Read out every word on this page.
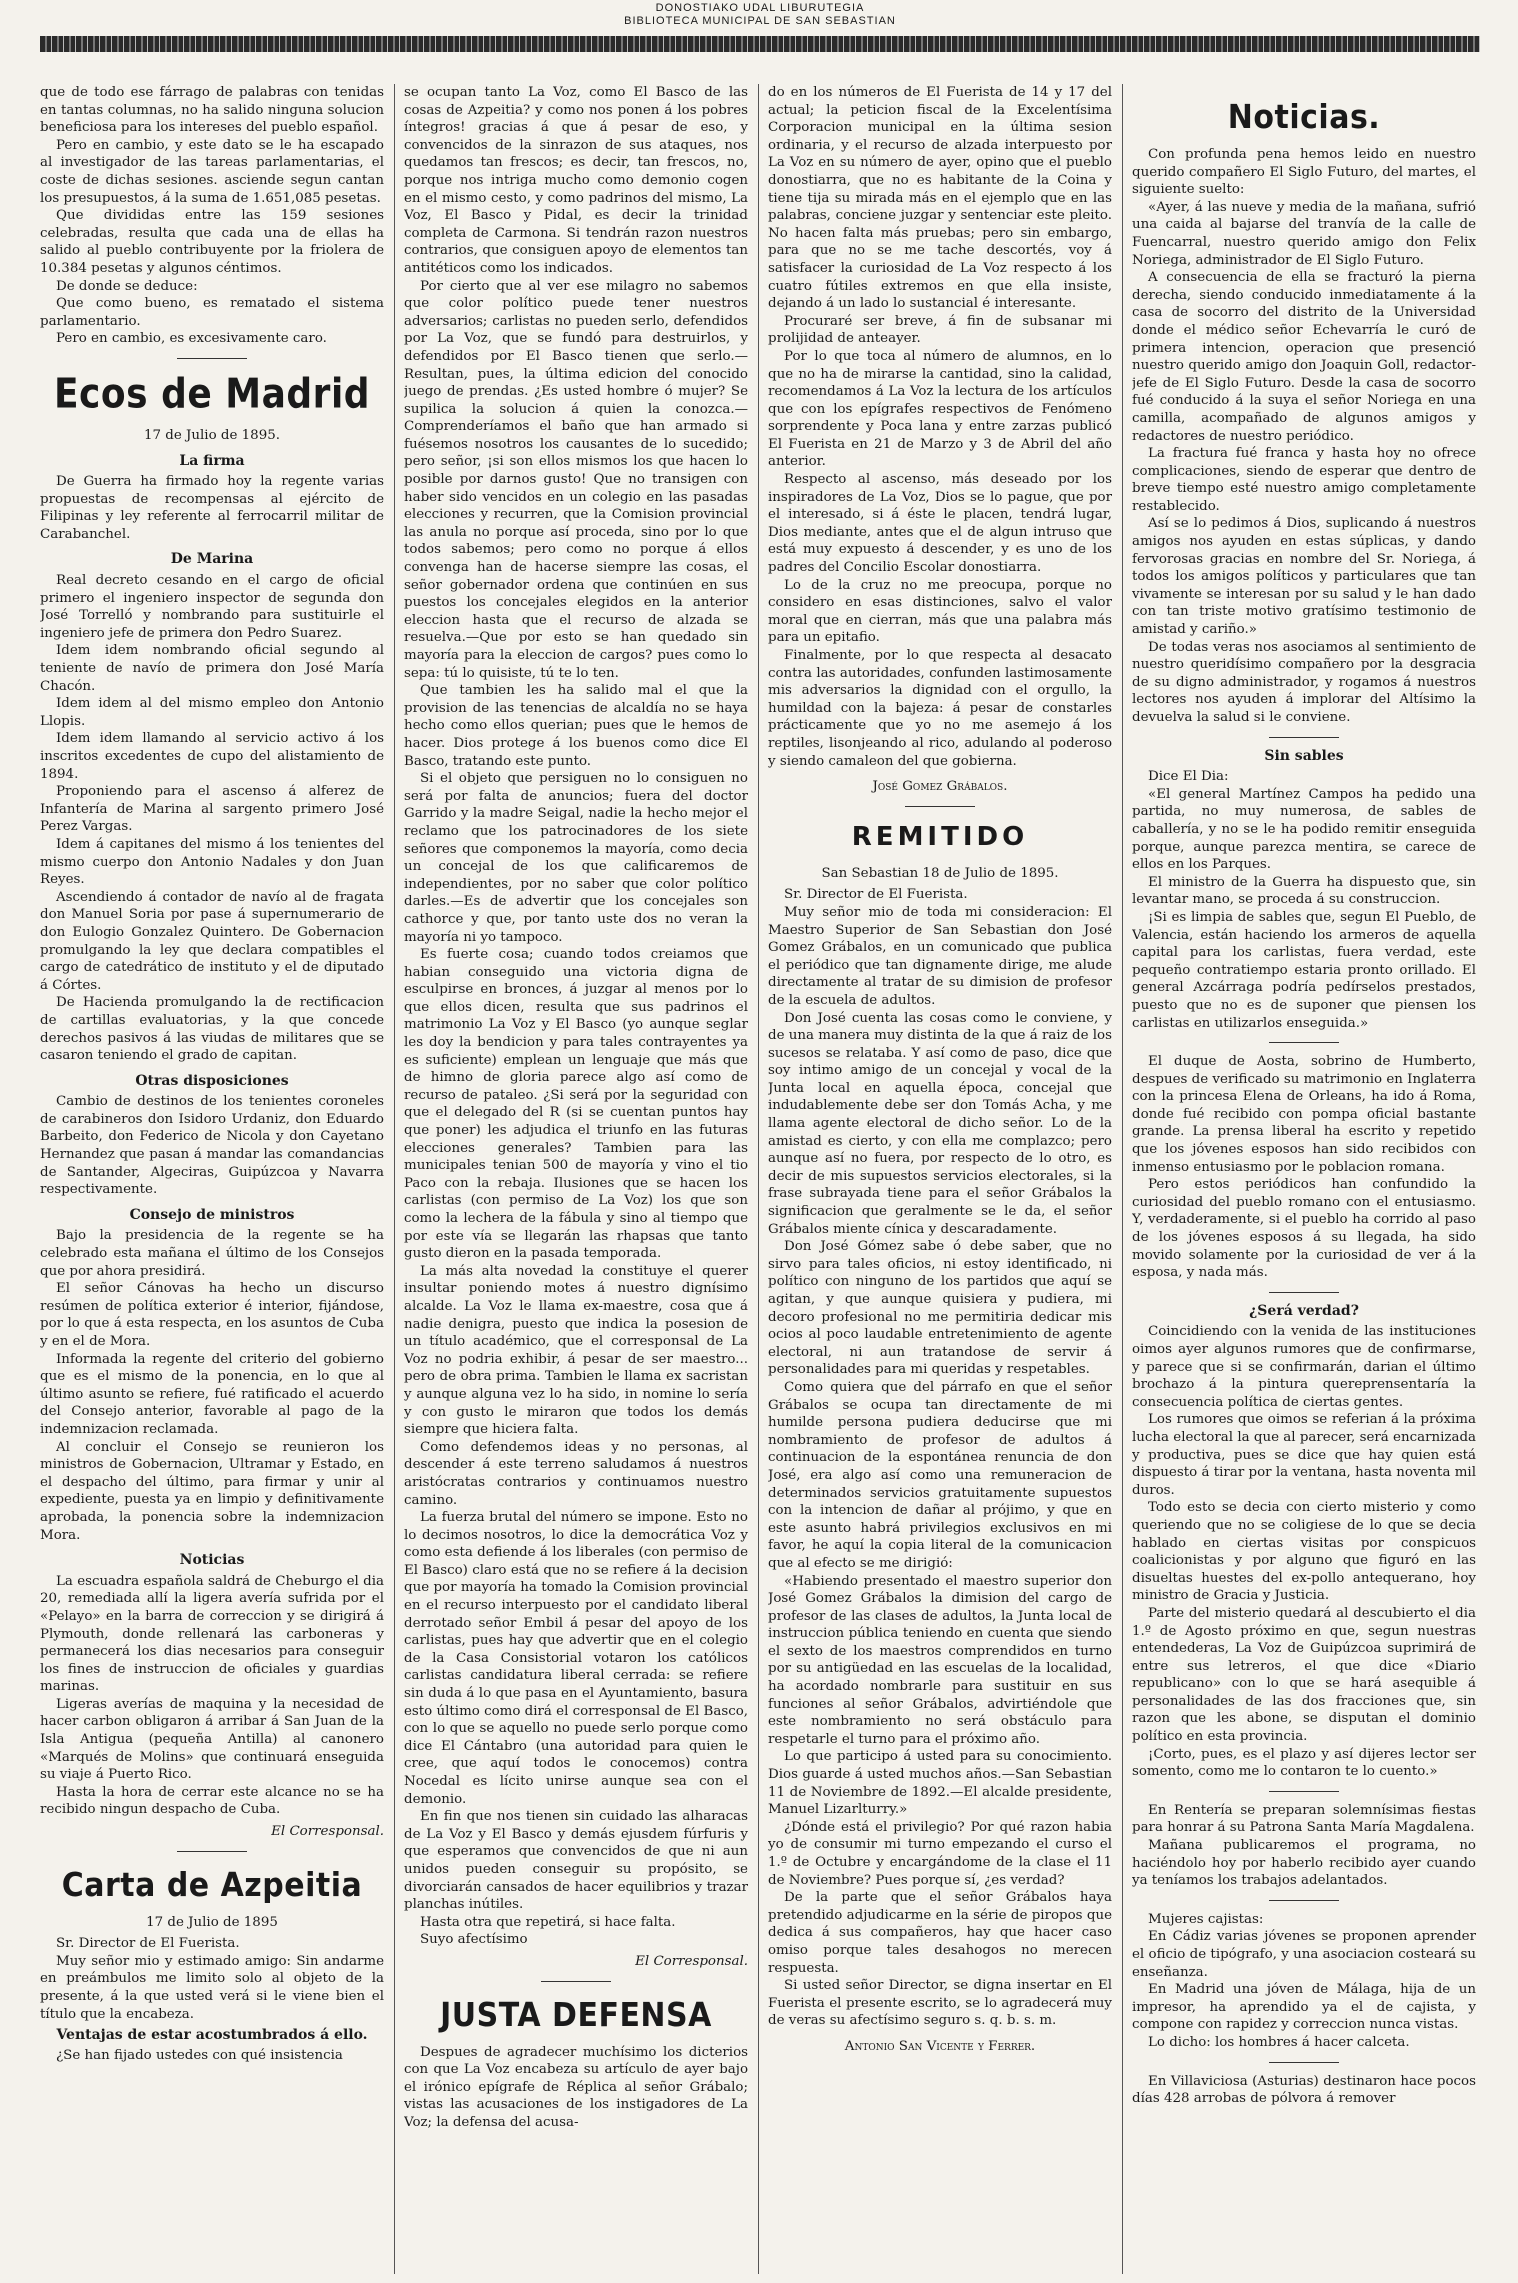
DONOSTIAKO UDAL LIBURUTEGIA
BIBLIOTECA MUNICIPAL DE SAN SEBASTIAN

que de todo ese fárrago de palabras con tenidas en tantas columnas, no ha salido ninguna solucion beneficiosa para los intereses del pueblo español.

Pero en cambio, y este dato se le ha escapado al investigador de las tareas parlamentarias, el coste de dichas sesiones. asciende segun cantan los presupuestos, á la suma de 1.651,085 pesetas.

Que divididas entre las 159 sesiones celebradas, resulta que cada una de ellas ha salido al pueblo contribuyente por la friolera de 10.384 pesetas y algunos céntimos.

De donde se deduce:

Que como bueno, es rematado el sistema parlamentario.

Pero en cambio, es excesivamente caro.

Ecos de Madrid
17 de Julio de 1895.
La firma

De Guerra ha firmado hoy la regente varias propuestas de recompensas al ejército de Filipinas y ley referente al ferrocarril militar de Carabanchel.

De Marina

Real decreto cesando en el cargo de oficial primero el ingeniero inspector de segunda don José Torrelló y nombrando para sustituirle el ingeniero jefe de primera don Pedro Suarez.

Idem idem nombrando oficial segundo al teniente de navío de primera don José María Chacón.

Idem idem al del mismo empleo don Antonio Llopis.

Idem idem llamando al servicio activo á los inscritos excedentes de cupo del alistamiento de 1894.

Proponiendo para el ascenso á alferez de Infantería de Marina al sargento primero José Perez Vargas.

Idem á capitanes del mismo á los tenientes del mismo cuerpo don Antonio Nadales y don Juan Reyes.

Ascendiendo á contador de navío al de fragata don Manuel Soria por pase á supernumerario de don Eulogio Gonzalez Quintero. De Gobernacion promulgando la ley que declara compatibles el cargo de catedrático de instituto y el de diputado á Córtes.

De Hacienda promulgando la de rectificacion de cartillas evaluatorias, y la que concede derechos pasivos á las viudas de militares que se casaron teniendo el grado de capitan.

Otras disposiciones

Cambio de destinos de los tenientes coroneles de carabineros don Isidoro Urdaniz, don Eduardo Barbeito, don Federico de Nicola y don Cayetano Hernandez que pasan á mandar las comandancias de Santander, Algeciras, Guipúzcoa y Navarra respectivamente.

Consejo de ministros

Bajo la presidencia de la regente se ha celebrado esta mañana el último de los Consejos que por ahora presidirá.

El señor Cánovas ha hecho un discurso resúmen de política exterior é interior, fijándose, por lo que á esta respecta, en los asuntos de Cuba y en el de Mora.

Informada la regente del criterio del gobierno que es el mismo de la ponencia, en lo que al último asunto se refiere, fué ratificado el acuerdo del Consejo anterior, favorable al pago de la indemnizacion reclamada.

Al concluir el Consejo se reunieron los ministros de Gobernacion, Ultramar y Estado, en el despacho del último, para firmar y unir al expediente, puesta ya en limpio y definitivamente aprobada, la ponencia sobre la indemnizacion Mora.

Noticias

La escuadra española saldrá de Cheburgo el dia 20, remediada allí la ligera avería sufrida por el «Pelayo» en la barra de correccion y se dirigirá á Plymouth, donde rellenará las carboneras y permanecerá los dias necesarios para conseguir los fines de instruccion de oficiales y guardias marinas.

Ligeras averías de maquina y la necesidad de hacer carbon obligaron á arribar á San Juan de la Isla Antigua (pequeña Antilla) al canonero «Marqués de Molins» que continuará enseguida su viaje á Puerto Rico.

Hasta la hora de cerrar este alcance no se ha recibido ningun despacho de Cuba.

El Corresponsal.
Carta de Azpeitia
17 de Julio de 1895

Sr. Director de El Fuerista.

Muy señor mio y estimado amigo: Sin andarme en preámbulos me limito solo al objeto de la presente, á la que usted verá si le viene bien el título que la encabeza.

Ventajas de estar acostumbrados á ello.

¿Se han fijado ustedes con qué insistencia

se ocupan tanto La Voz, como El Basco de las cosas de Azpeitia? y como nos ponen á los pobres íntegros! gracias á que á pesar de eso, y convencidos de la sinrazon de sus ataques, nos quedamos tan frescos; es decir, tan frescos, no, porque nos intriga mucho como demonio cogen en el mismo cesto, y como padrinos del mismo, La Voz, El Basco y Pidal, es decir la trinidad completa de Carmona. Si tendrán razon nuestros contrarios, que consiguen apoyo de elementos tan antitéticos como los indicados.

Por cierto que al ver ese milagro no sabemos que color político puede tener nuestros adversarios; carlistas no pueden serlo, defendidos por La Voz, que se fundó para destruirlos, y defendidos por El Basco tienen que serlo.—Resultan, pues, la última edicion del conocido juego de prendas. ¿Es usted hombre ó mujer? Se supilica la solucion á quien la conozca.—Comprenderíamos el baño que han armado si fuésemos nosotros los causantes de lo sucedido; pero señor, ¡si son ellos mismos los que hacen lo posible por darnos gusto! Que no transigen con haber sido vencidos en un colegio en las pasadas elecciones y recurren, que la Comision provincial las anula no porque así proceda, sino por lo que todos sabemos; pero como no porque á ellos convenga han de hacerse siempre las cosas, el señor gobernador ordena que continúen en sus puestos los concejales elegidos en la anterior eleccion hasta que el recurso de alzada se resuelva.—Que por esto se han quedado sin mayoría para la eleccion de cargos? pues como lo sepa: tú lo quisiste, tú te lo ten.

Que tambien les ha salido mal el que la provision de las tenencias de alcaldía no se haya hecho como ellos querian; pues que le hemos de hacer. Dios protege á los buenos como dice El Basco, tratando este punto.

Si el objeto que persiguen no lo consiguen no será por falta de anuncios; fuera del doctor Garrido y la madre Seigal, nadie la hecho mejor el reclamo que los patrocinadores de los siete señores que componemos la mayoría, como decia un concejal de los que calificaremos de independientes, por no saber que color político darles.—Es de advertir que los concejales son cathorce y que, por tanto uste dos no veran la mayoría ni yo tampoco.

Es fuerte cosa; cuando todos creiamos que habian conseguido una victoria digna de esculpirse en bronces, á juzgar al menos por lo que ellos dicen, resulta que sus padrinos el matrimonio La Voz y El Basco (yo aunque seglar les doy la bendicion y para tales contrayentes ya es suficiente) emplean un lenguaje que más que de himno de gloria parece algo así como de recurso de pataleo. ¿Si será por la seguridad con que el delegado del R (si se cuentan puntos hay que poner) les adjudica el triunfo en las futuras elecciones generales? Tambien para las municipales tenian 500 de mayoría y vino el tio Paco con la rebaja. Ilusiones que se hacen los carlistas (con permiso de La Voz) los que son como la lechera de la fábula y sino al tiempo que por este vía se llegarán las rhapsas que tanto gusto dieron en la pasada temporada.

La más alta novedad la constituye el querer insultar poniendo motes á nuestro dignísimo alcalde. La Voz le llama ex-maestre, cosa que á nadie denigra, puesto que indica la posesion de un título académico, que el corresponsal de La Voz no podria exhibir, á pesar de ser maestro... pero de obra prima. Tambien le llama ex sacristan y aunque alguna vez lo ha sido, in nomine lo sería y con gusto le miraron que todos los demás siempre que hiciera falta.

Como defendemos ideas y no personas, al descender á este terreno saludamos á nuestros aristócratas contrarios y continuamos nuestro camino.

La fuerza brutal del número se impone. Esto no lo decimos nosotros, lo dice la democrática Voz y como esta defiende á los liberales (con permiso de El Basco) claro está que no se refiere á la decision que por mayoría ha tomado la Comision provincial en el recurso interpuesto por el candidato liberal derrotado señor Embil á pesar del apoyo de los carlistas, pues hay que advertir que en el colegio de la Casa Consistorial votaron los católicos carlistas candidatura liberal cerrada: se refiere sin duda á lo que pasa en el Ayuntamiento, basura esto último como dirá el corresponsal de El Basco, con lo que se aquello no puede serlo porque como dice El Cántabro (una autoridad para quien le cree, que aquí todos le conocemos) contra Nocedal es lícito unirse aunque sea con el demonio.

En fin que nos tienen sin cuidado las alharacas de La Voz y El Basco y demás ejusdem fúrfuris y que esperamos que convencidos de que ni aun unidos pueden conseguir su propósito, se divorciarán cansados de hacer equilibrios y trazar planchas inútiles.

Hasta otra que repetirá, si hace falta.

Suyo afectísimo

El Corresponsal.
JUSTA DEFENSA

Despues de agradecer muchísimo los dicterios con que La Voz encabeza su artículo de ayer bajo el irónico epígrafe de Réplica al señor Grábalo; vistas las acusaciones de los instigadores de La Voz; la defensa del acusa-

do en los números de El Fuerista de 14 y 17 del actual; la peticion fiscal de la Excelentísima Corporacion municipal en la última sesion ordinaria, y el recurso de alzada interpuesto por La Voz en su número de ayer, opino que el pueblo donostiarra, que no es habitante de la Coina y tiene tija su mirada más en el ejemplo que en las palabras, conciene juzgar y sentenciar este pleito. No hacen falta más pruebas; pero sin embargo, para que no se me tache descortés, voy á satisfacer la curiosidad de La Voz respecto á los cuatro fútiles extremos en que ella insiste, dejando á un lado lo sustancial é interesante.

Procuraré ser breve, á fin de subsanar mi prolijidad de anteayer.

Por lo que toca al número de alumnos, en lo que no ha de mirarse la cantidad, sino la calidad, recomendamos á La Voz la lectura de los artículos que con los epígrafes respectivos de Fenómeno sorprendente y Poca lana y entre zarzas publicó El Fuerista en 21 de Marzo y 3 de Abril del año anterior.

Respecto al ascenso, más deseado por los inspiradores de La Voz, Dios se lo pague, que por el interesado, si á éste le placen, tendrá lugar, Dios mediante, antes que el de algun intruso que está muy expuesto á descender, y es uno de los padres del Concilio Escolar donostiarra.

Lo de la cruz no me preocupa, porque no considero en esas distinciones, salvo el valor moral que en cierran, más que una palabra más para un epitafio.

Finalmente, por lo que respecta al desacato contra las autoridades, confunden lastimosamente mis adversarios la dignidad con el orgullo, la humildad con la bajeza: á pesar de constarles prácticamente que yo no me asemejo á los reptiles, lisonjeando al rico, adulando al poderoso y siendo camaleon del que gobierna.

José Gomez Grábalos.
REMITIDO
San Sebastian 18 de Julio de 1895.

Sr. Director de El Fuerista.

Muy señor mio de toda mi consideracion: El Maestro Superior de San Sebastian don José Gomez Grábalos, en un comunicado que publica el periódico que tan dignamente dirige, me alude directamente al tratar de su dimision de profesor de la escuela de adultos.

Don José cuenta las cosas como le conviene, y de una manera muy distinta de la que á raiz de los sucesos se relataba. Y así como de paso, dice que soy intimo amigo de un concejal y vocal de la Junta local en aquella época, concejal que indudablemente debe ser don Tomás Acha, y me llama agente electoral de dicho señor. Lo de la amistad es cierto, y con ella me complazco; pero aunque así no fuera, por respecto de lo otro, es decir de mis supuestos servicios electorales, si la frase subrayada tiene para el señor Grábalos la significacion que geralmente se le da, el señor Grábalos miente cínica y descaradamente.

Don José Gómez sabe ó debe saber, que no sirvo para tales oficios, ni estoy identificado, ni político con ninguno de los partidos que aquí se agitan, y que aunque quisiera y pudiera, mi decoro profesional no me permitiria dedicar mis ocios al poco laudable entretenimiento de agente electoral, ni aun tratandose de servir á personalidades para mi queridas y respetables.

Como quiera que del párrafo en que el señor Grábalos se ocupa tan directamente de mi humilde persona pudiera deducirse que mi nombramiento de profesor de adultos á continuacion de la espontánea renuncia de don José, era algo así como una remuneracion de determinados servicios gratuitamente supuestos con la intencion de dañar al prójimo, y que en este asunto habrá privilegios exclusivos en mi favor, he aquí la copia literal de la comunicacion que al efecto se me dirigió:

«Habiendo presentado el maestro superior don José Gomez Grábalos la dimision del cargo de profesor de las clases de adultos, la Junta local de instruccion pública teniendo en cuenta que siendo el sexto de los maestros comprendidos en turno por su antigüedad en las escuelas de la localidad, ha acordado nombrarle para sustituir en sus funciones al señor Grábalos, advirtiéndole que este nombramiento no será obstáculo para respetarle el turno para el próximo año.

Lo que participo á usted para su conocimiento. Dios guarde á usted muchos años.—San Sebastian 11 de Noviembre de 1892.—El alcalde presidente, Manuel Lizarlturry.»

¿Dónde está el privilegio? Por qué razon habia yo de consumir mi turno empezando el curso el 1.º de Octubre y encargándome de la clase el 11 de Noviembre? Pues porque sí, ¿es verdad?

De la parte que el señor Grábalos haya pretendido adjudicarme en la série de piropos que dedica á sus compañeros, hay que hacer caso omiso porque tales desahogos no merecen respuesta.

Si usted señor Director, se digna insertar en El Fuerista el presente escrito, se lo agradecerá muy de veras su afectísimo seguro s. q. b. s. m.

Antonio San Vicente y Ferrer.
Noticias.

Con profunda pena hemos leido en nuestro querido compañero El Siglo Futuro, del martes, el siguiente suelto:

«Ayer, á las nueve y media de la mañana, sufrió una caida al bajarse del tranvía de la calle de Fuencarral, nuestro querido amigo don Felix Noriega, administrador de El Siglo Futuro.

A consecuencia de ella se fracturó la pierna derecha, siendo conducido inmediatamente á la casa de socorro del distrito de la Universidad donde el médico señor Echevarría le curó de primera intencion, operacion que presenció nuestro querido amigo don Joaquin Goll, redactor-jefe de El Siglo Futuro. Desde la casa de socorro fué conducido á la suya el señor Noriega en una camilla, acompañado de algunos amigos y redactores de nuestro periódico.

La fractura fué franca y hasta hoy no ofrece complicaciones, siendo de esperar que dentro de breve tiempo esté nuestro amigo completamente restablecido.

Así se lo pedimos á Dios, suplicando á nuestros amigos nos ayuden en estas súplicas, y dando fervorosas gracias en nombre del Sr. Noriega, á todos los amigos políticos y particulares que tan vivamente se interesan por su salud y le han dado con tan triste motivo gratísimo testimonio de amistad y cariño.»

De todas veras nos asociamos al sentimiento de nuestro queridísimo compañero por la desgracia de su digno administrador, y rogamos á nuestros lectores nos ayuden á implorar del Altísimo la devuelva la salud si le conviene.

Sin sables

Dice El Dia:

«El general Martínez Campos ha pedido una partida, no muy numerosa, de sables de caballería, y no se le ha podido remitir enseguida porque, aunque parezca mentira, se carece de ellos en los Parques.

El ministro de la Guerra ha dispuesto que, sin levantar mano, se proceda á su construccion.

¡Si es limpia de sables que, segun El Pueblo, de Valencia, están haciendo los armeros de aquella capital para los carlistas, fuera verdad, este pequeño contratiempo estaria pronto orillado. El general Azcárraga podría pedírselos prestados, puesto que no es de suponer que piensen los carlistas en utilizarlos enseguida.»

El duque de Aosta, sobrino de Humberto, despues de verificado su matrimonio en Inglaterra con la princesa Elena de Orleans, ha ido á Roma, donde fué recibido con pompa oficial bastante grande. La prensa liberal ha escrito y repetido que los jóvenes esposos han sido recibidos con inmenso entusiasmo por le poblacion romana.

Pero estos periódicos han confundido la curiosidad del pueblo romano con el entusiasmo. Y, verdaderamente, si el pueblo ha corrido al paso de los jóvenes esposos á su llegada, ha sido movido solamente por la curiosidad de ver á la esposa, y nada más.

¿Será verdad?

Coincidiendo con la venida de las instituciones oimos ayer algunos rumores que de confirmarse, y parece que si se confirmarán, darian el último brochazo á la pintura quereprensentaría la consecuencia política de ciertas gentes.

Los rumores que oimos se referian á la próxima lucha electoral la que al parecer, será encarnizada y productiva, pues se dice que hay quien está dispuesto á tirar por la ventana, hasta noventa mil duros.

Todo esto se decia con cierto misterio y como queriendo que no se coligiese de lo que se decia hablado en ciertas visitas por conspicuos coalicionistas y por alguno que figuró en las disueltas huestes del ex-pollo antequerano, hoy ministro de Gracia y Justicia.

Parte del misterio quedará al descubierto el dia 1.º de Agosto próximo en que, segun nuestras entendederas, La Voz de Guipúzcoa suprimirá de entre sus letreros, el que dice «Diario republicano» con lo que se hará asequible á personalidades de las dos fracciones que, sin razon que les abone, se disputan el dominio político en esta provincia.

¡Corto, pues, es el plazo y así dijeres lector ser somento, como me lo contaron te lo cuento.»

En Rentería se preparan solemnísimas fiestas para honrar á su Patrona Santa María Magdalena.

Mañana publicaremos el programa, no haciéndolo hoy por haberlo recibido ayer cuando ya teníamos los trabajos adelantados.

Mujeres cajistas:

En Cádiz varias jóvenes se proponen aprender el oficio de tipógrafo, y una asociacion costeará su enseñanza.

En Madrid una jóven de Málaga, hija de un impresor, ha aprendido ya el de cajista, y compone con rapidez y correccion nunca vistas.

Lo dicho: los hombres á hacer calceta.

En Villaviciosa (Asturias) destinaron hace pocos días 428 arrobas de pólvora á remover
